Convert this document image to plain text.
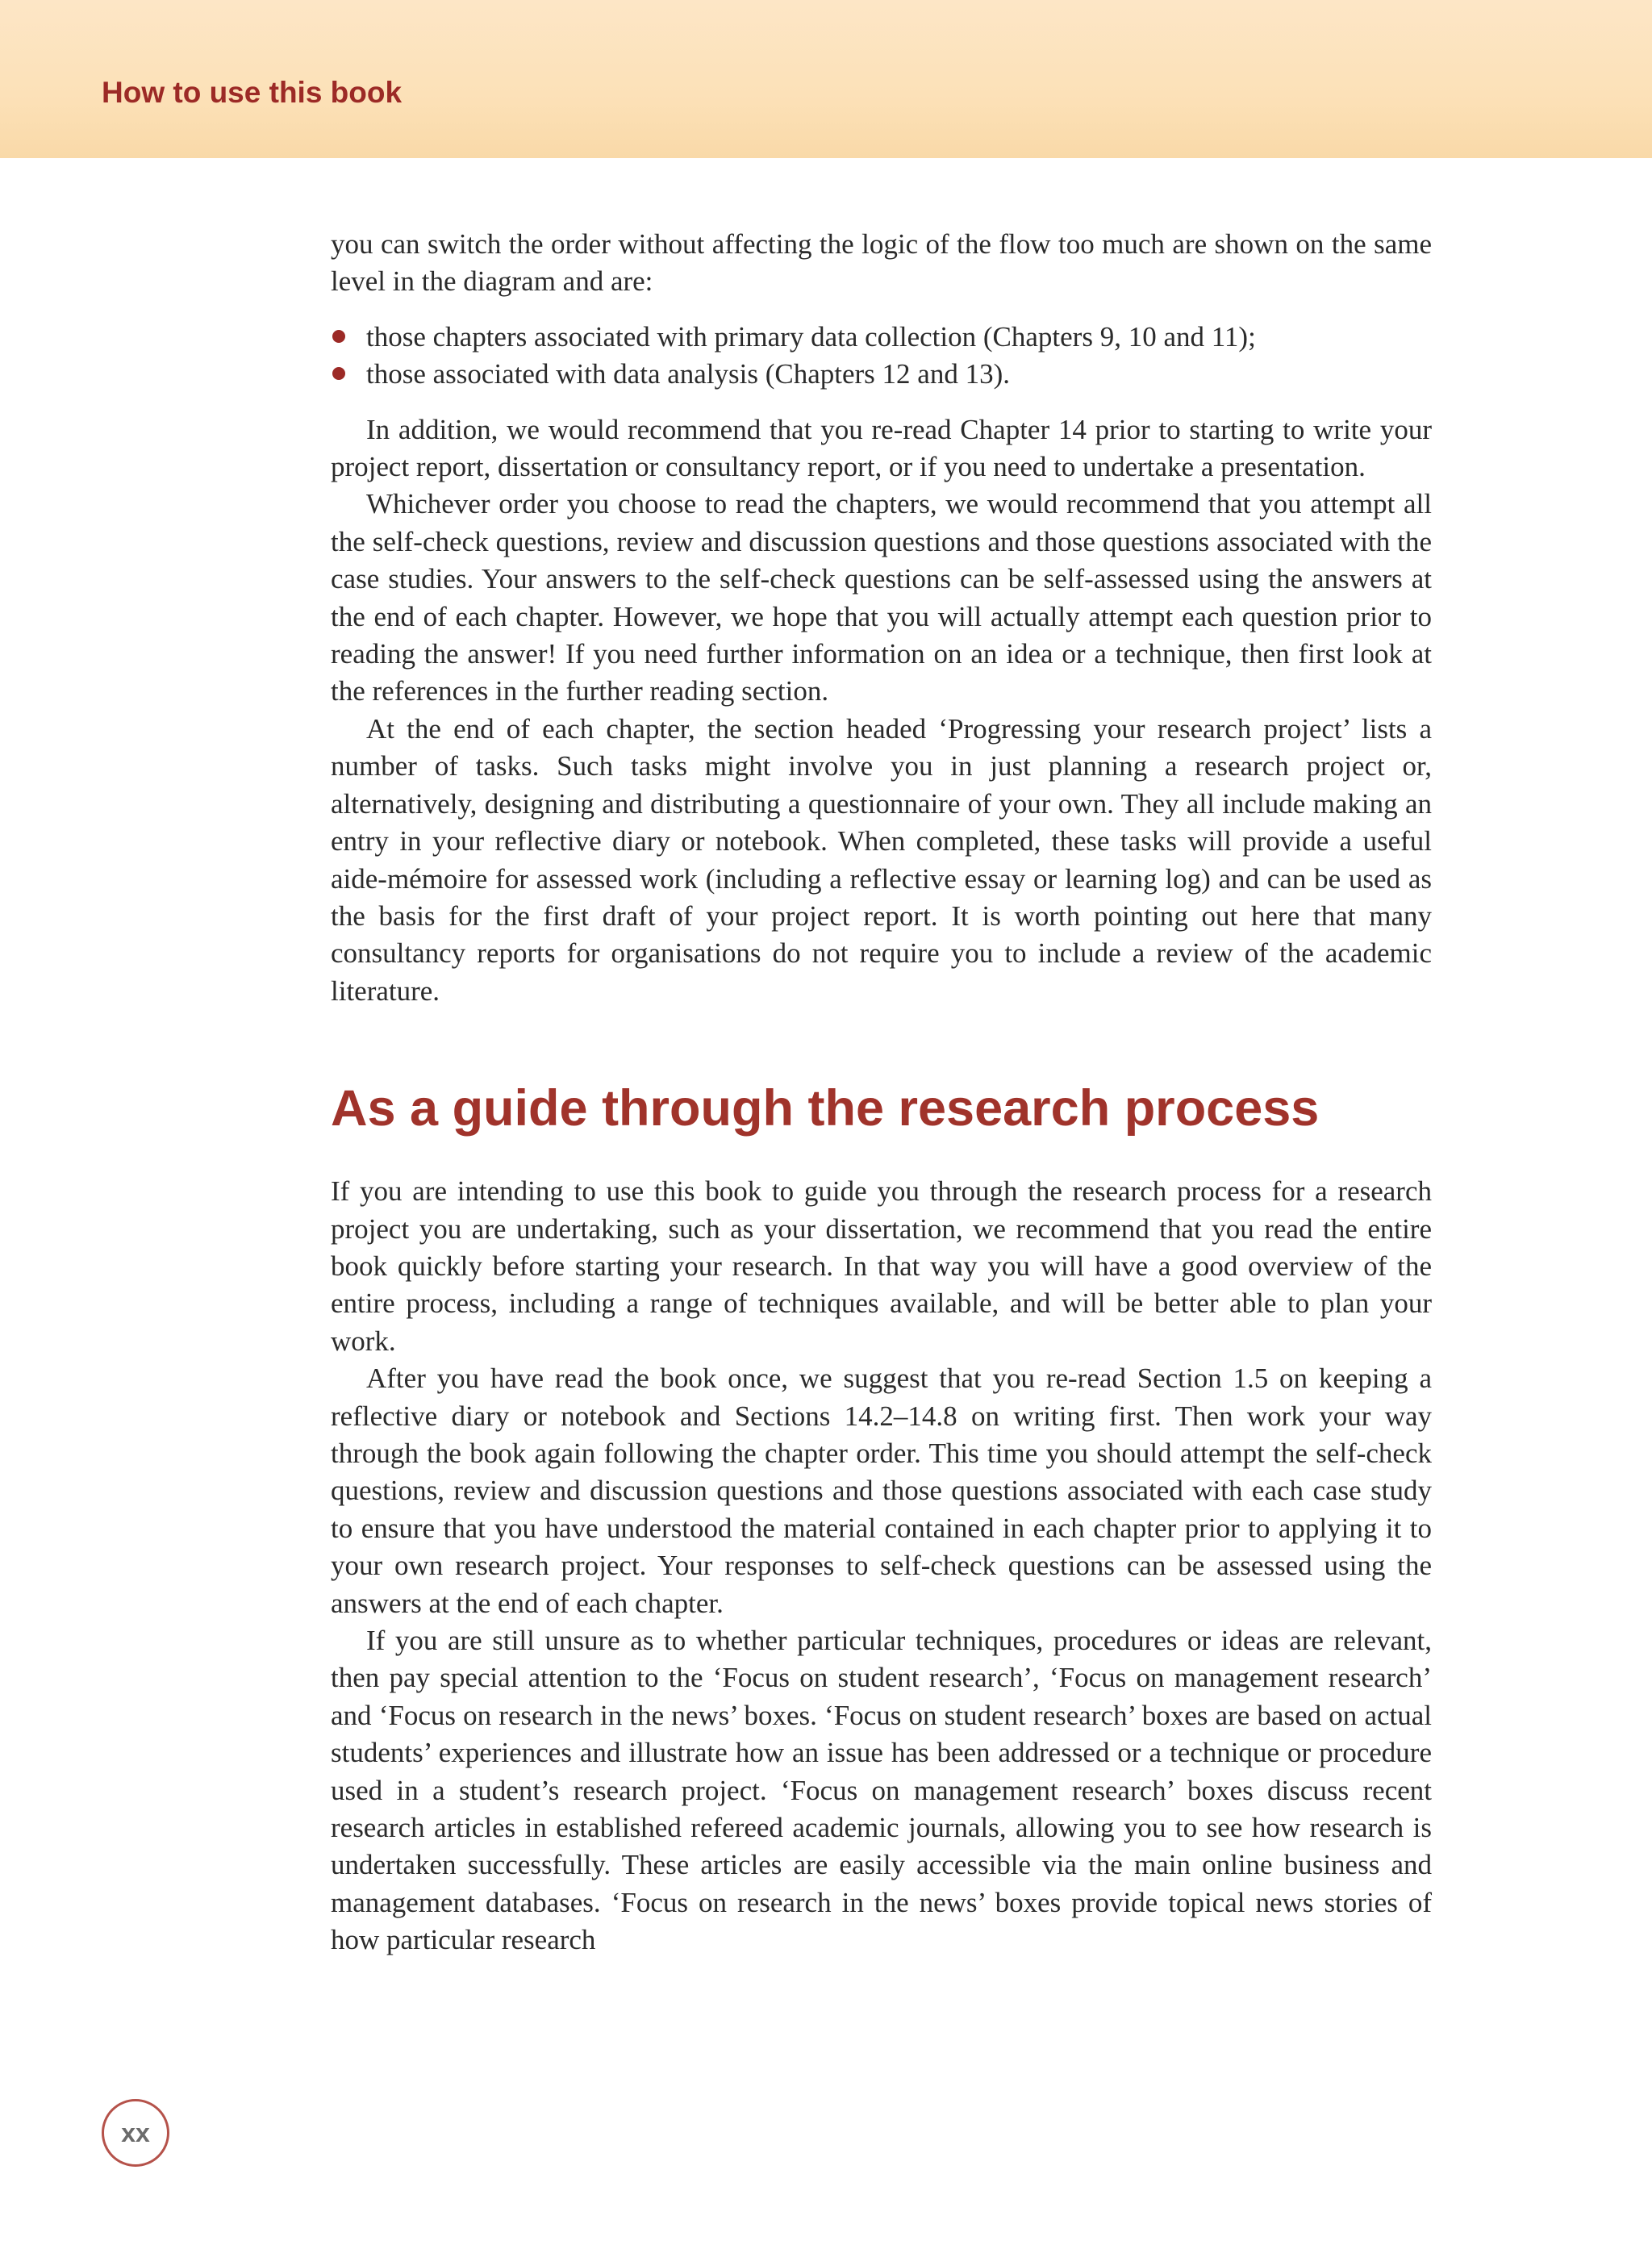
How to use this book

you can switch the order without affecting the logic of the flow too much are shown on the same level in the diagram and are:

those chapters associated with primary data collection (Chapters 9, 10 and 11);
those associated with data analysis (Chapters 12 and 13).

In addition, we would recommend that you re-read Chapter 14 prior to starting to write your project report, dissertation or consultancy report, or if you need to undertake a presentation.

Whichever order you choose to read the chapters, we would recommend that you attempt all the self-check questions, review and discussion questions and those questions associated with the case studies. Your answers to the self-check questions can be self-assessed using the answers at the end of each chapter. However, we hope that you will actually attempt each question prior to reading the answer! If you need further information on an idea or a technique, then first look at the references in the further reading section.

At the end of each chapter, the section headed ‘Progressing your research project’ lists a number of tasks. Such tasks might involve you in just planning a research project or, alternatively, designing and distributing a questionnaire of your own. They all include making an entry in your reflective diary or notebook. When completed, these tasks will provide a useful aide-mémoire for assessed work (including a reflective essay or learning log) and can be used as the basis for the first draft of your project report. It is worth pointing out here that many consultancy reports for organisations do not require you to include a review of the academic literature.

As a guide through the research process

If you are intending to use this book to guide you through the research process for a research project you are undertaking, such as your dissertation, we recommend that you read the entire book quickly before starting your research. In that way you will have a good overview of the entire process, including a range of techniques available, and will be better able to plan your work.

After you have read the book once, we suggest that you re-read Section 1.5 on keeping a reflective diary or notebook and Sections 14.2–14.8 on writing first. Then work your way through the book again following the chapter order. This time you should attempt the self-check questions, review and discussion questions and those questions associated with each case study to ensure that you have understood the material contained in each chapter prior to applying it to your own research project. Your responses to self-check questions can be assessed using the answers at the end of each chapter.

If you are still unsure as to whether particular techniques, procedures or ideas are relevant, then pay special attention to the ‘Focus on student research’, ‘Focus on management research’ and ‘Focus on research in the news’ boxes. ‘Focus on student research’ boxes are based on actual students’ experiences and illustrate how an issue has been addressed or a technique or procedure used in a student’s research project. ‘Focus on management research’ boxes discuss recent research articles in established refereed academic journals, allowing you to see how research is undertaken successfully. These articles are easily accessible via the main online business and management databases. ‘Focus on research in the news’ boxes provide topical news stories of how particular research

xx
